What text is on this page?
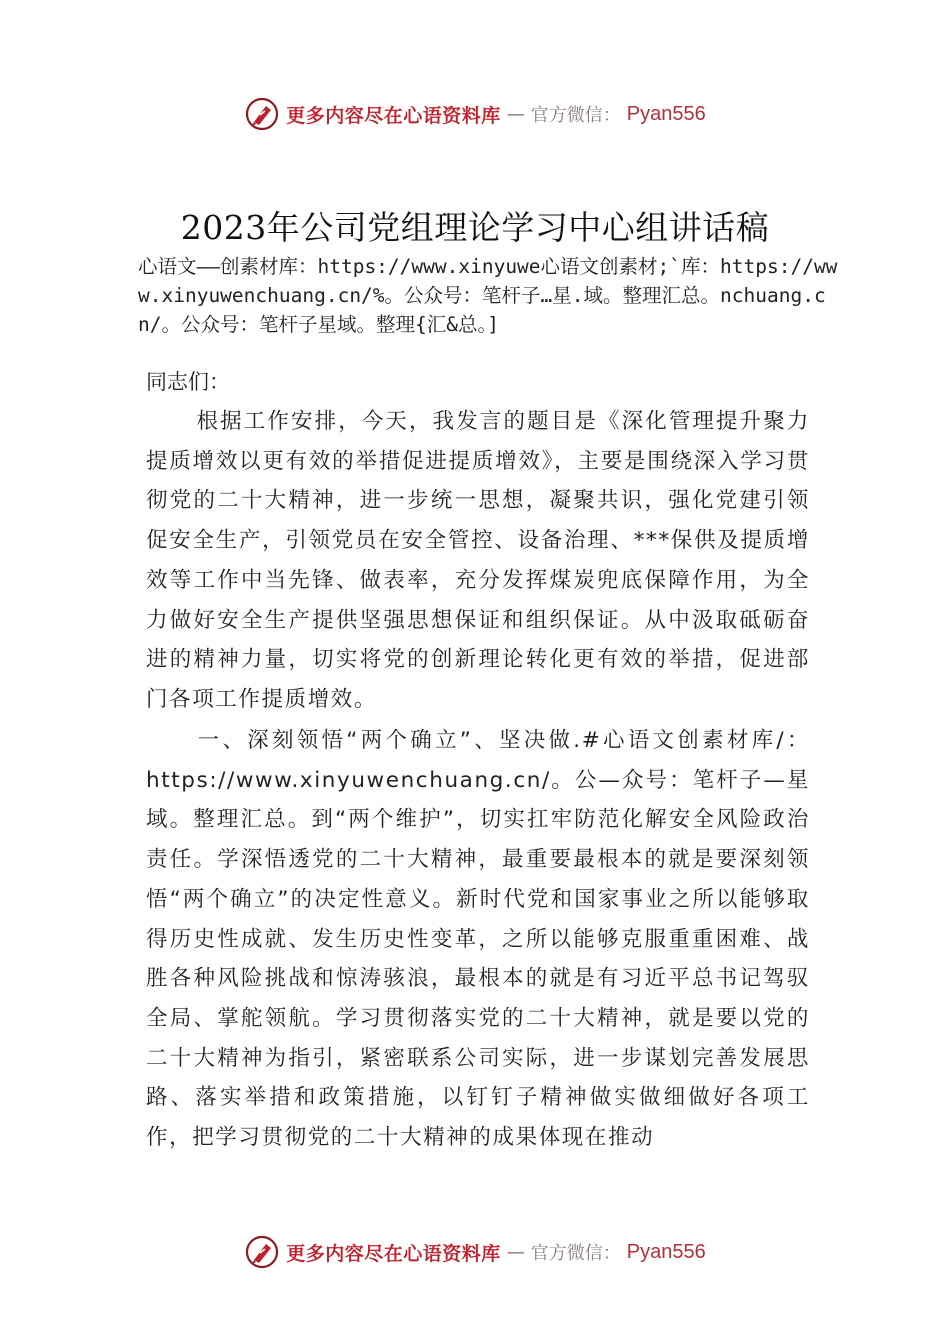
更多内容尽在心语资料库 — 官方微信： Pyan556
2023年公司党组理论学习中心组讲话稿
心语文——创素材库：https://www.xinyuwe心语文创素材;`库：https://www.xinyuwenchuang.cn/%。公众号：笔杆子…星.域。整理汇总。nchuang.cn/。公众号：笔杆子星域。整理{汇&总。]
同志们：

根据工作安排，今天，我发言的题目是《深化管理提升聚力提质增效以更有效的举措促进提质增效》，主要是围绕深入学习贯彻党的二十大精神，进一步统一思想，凝聚共识，强化党建引领促安全生产，引领党员在安全管控、设备治理、***保供及提质增效等工作中当先锋、做表率，充分发挥煤炭兜底保障作用，为全力做好安全生产提供坚强思想保证和组织保证。从中汲取砥砺奋进的精神力量，切实将党的创新理论转化更有效的举措，促进部门各项工作提质增效。

一、深刻领悟“两个确立”、坚决做.#心语文创素材库/：https://www.xinyuwenchuang.cn/。公—众号：笔杆子—星域。整理汇总。到“两个维护”，切实扛牢防范化解安全风险政治责任。学深悟透党的二十大精神，最重要最根本的就是要深刻领悟“两个确立”的决定性意义。新时代党和国家事业之所以能够取得历史性成就、发生历史性变革，之所以能够克服重重困难、战胜各种风险挑战和惊涛骇浪，最根本的就是有习近平总书记驾驭全局、掌舵领航。学习贯彻落实党的二十大精神，就是要以党的二十大精神为指引，紧密联系公司实际，进一步谋划完善发展思路、落实举措和政策措施，以钉钉子精神做实做细做好各项工作，把学习贯彻党的二十大精神的成果体现在推动

更多内容尽在心语资料库 — 官方微信： Pyan556
